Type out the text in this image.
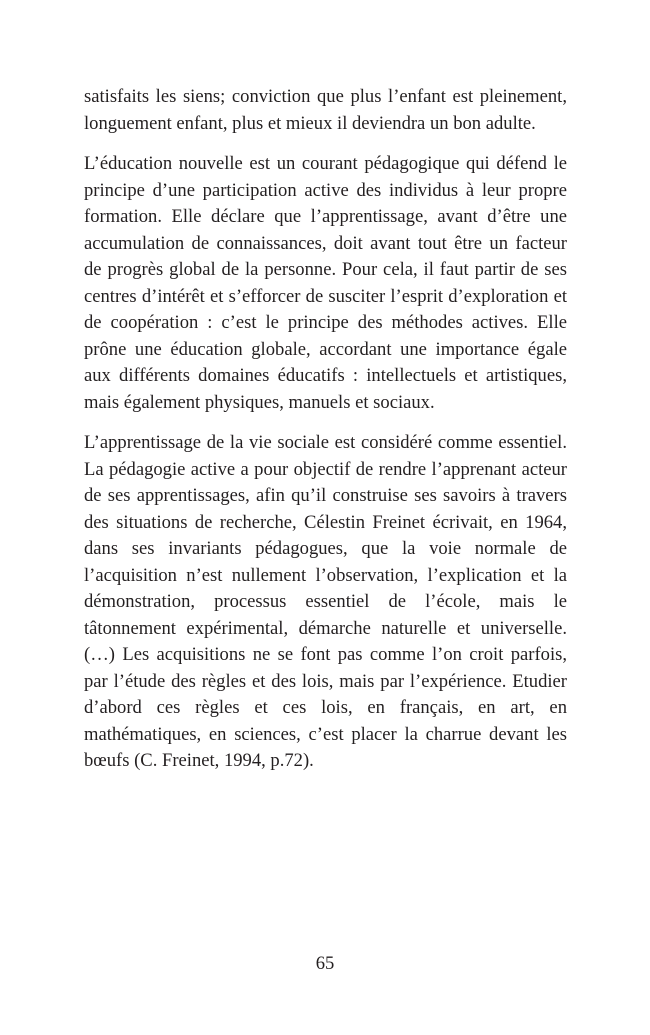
satisfaits les siens; conviction que plus l’enfant est pleinement, longuement enfant, plus et mieux il deviendra un bon adulte.

L’éducation nouvelle est un courant pédagogique qui défend le principe d’une participation active des individus à leur propre formation. Elle déclare que l’apprentissage, avant d’être une accumulation de connaissances, doit avant tout être un facteur de progrès global de la personne. Pour cela, il faut partir de ses centres d’intérêt et s’efforcer de susciter l’esprit d’exploration et de coopération : c’est le principe des méthodes actives. Elle prône une éducation globale, accordant une importance égale aux différents domaines éducatifs : intellectuels et artistiques, mais également physiques, manuels et sociaux.

L’apprentissage de la vie sociale est considéré comme essentiel. La pédagogie active a pour objectif de rendre l’apprenant acteur de ses apprentissages, afin qu’il construise ses savoirs à travers des situations de recherche, Célestin Freinet écrivait, en 1964, dans ses invariants pédagogues, que la voie normale de l’acquisition n’est nullement l’observation, l’explication et la démonstration, processus essentiel de l’école, mais le tâtonnement expérimental, démarche naturelle et universelle. (…) Les acquisitions ne se font pas comme l’on croit parfois, par l’étude des règles et des lois, mais par l’expérience. Etudier d’abord ces règles et ces lois, en français, en art, en mathématiques, en sciences, c’est placer la charrue devant les bœufs (C. Freinet, 1994, p.72).

65
